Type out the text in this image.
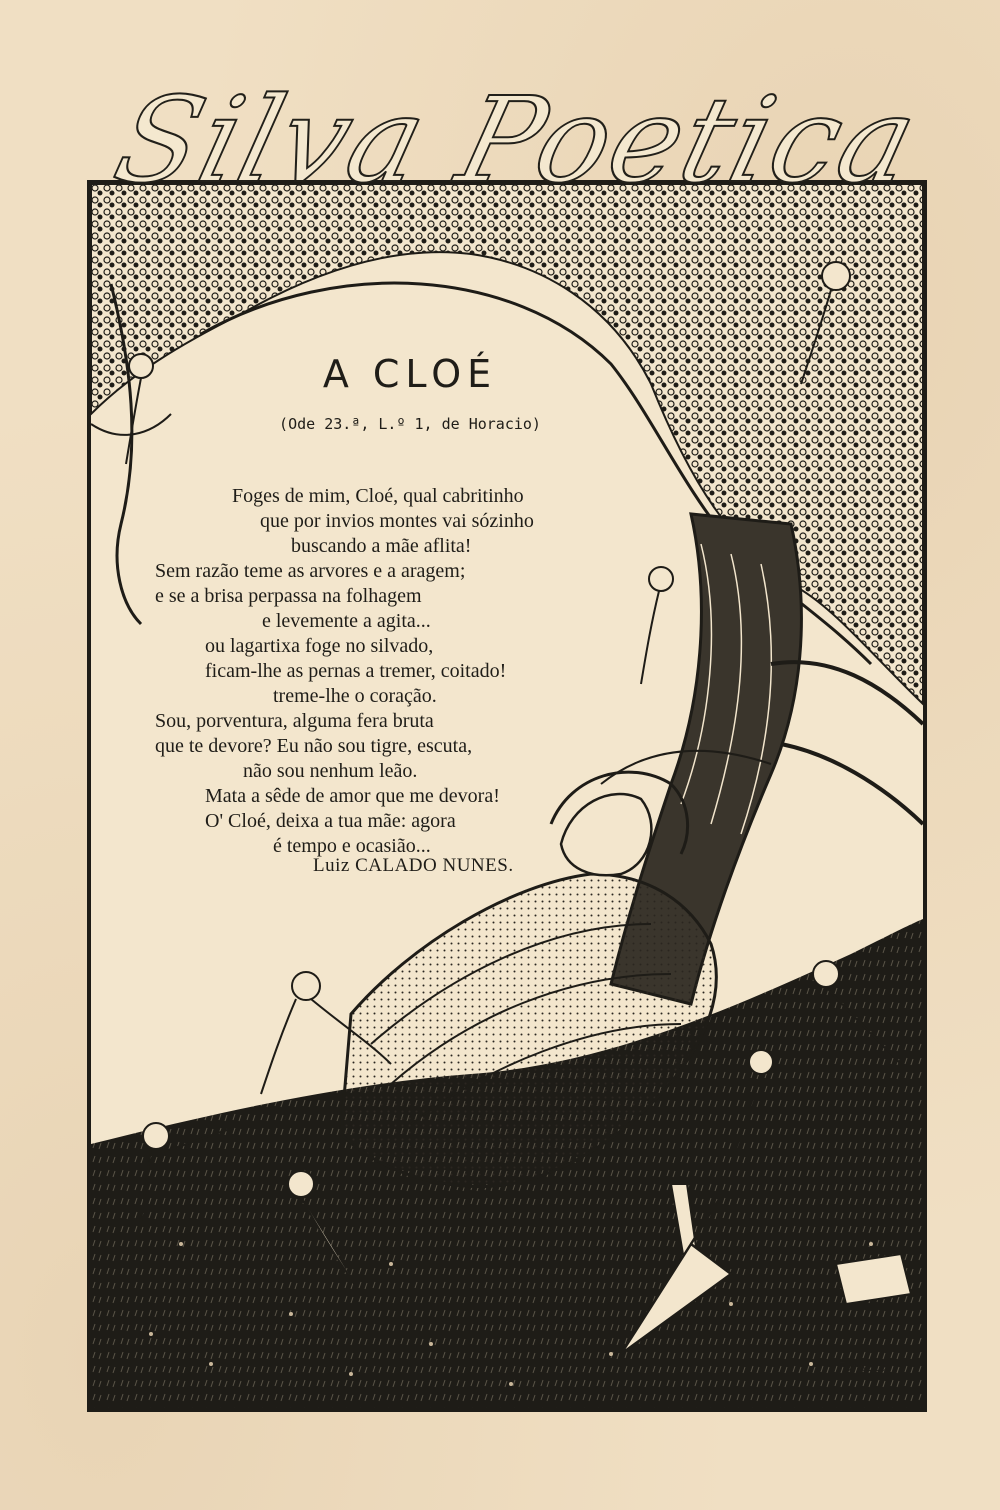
Silva Poetica
A CLOÉ
(Ode 23.ª, L.º 1, de Horacio)
Foges de mim, Cloé, qual cabritinho
que por invios montes vai sózinho
buscando a mãe aflita!
Sem razão teme as arvores e a aragem;
e se a brisa perpassa na folhagem
e levemente a agita...
ou lagartixa foge no silvado,
ficam-lhe as pernas a tremer, coitado!
treme-lhe o coração.
Sou, porventura, alguma fera bruta
que te devore? Eu não sou tigre, escuta,
não sou nenhum leão.
Mata a sêde de amor que me devora!
O' Cloé, deixa a tua mãe: agora
é tempo e ocasião...
Luiz CALADO NUNES.
Fonseca
